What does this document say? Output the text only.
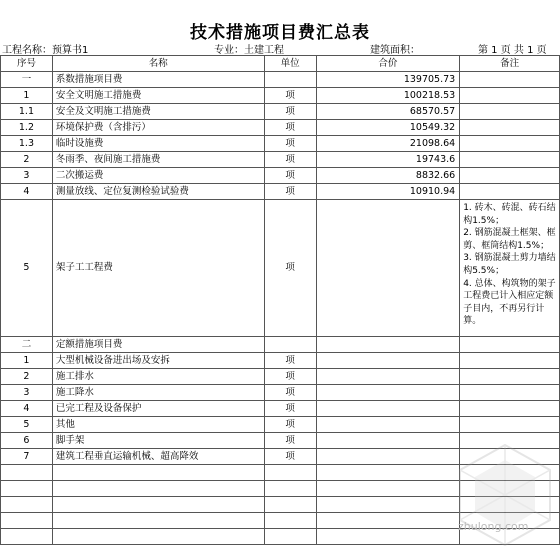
技术措施项目费汇总表
工程名称：预算书1	专业：土建工程	建筑面积：	第 1 页 共 1 页
序号	名称	单位	合价	备注
一	系数措施项目费		139705.73	
1	安全文明施工措施费	项	100218.53	
1.1	安全及文明施工措施费	项	68570.57	
1.2	环境保护费（含排污）	项	10549.32	
1.3	临时设施费	项	21098.64	
2	冬雨季、夜间施工措施费	项	19743.6	
3	二次搬运费	项	8832.66	
4	测量放线、定位复测检验试验费	项	10910.94	
5	架子工工程费	项		1. 砖木、砖混、砖石结构1.5%；
2. 钢筋混凝土框架、框剪、框筒结构1.5%；
3. 钢筋混凝土剪力墙结构5.5%；
4. 总体、构筑物的架子工程费已计入相应定额子目内，不再另行计算。
二	定额措施项目费			
1	大型机械设备进出场及安拆	项		
2	施工排水	项		
3	施工降水	项		
4	已完工程及设备保护	项		
5	其他	项		
6	脚手架	项		
7	建筑工程垂直运输机械、超高降效	项		

zhulong.com
